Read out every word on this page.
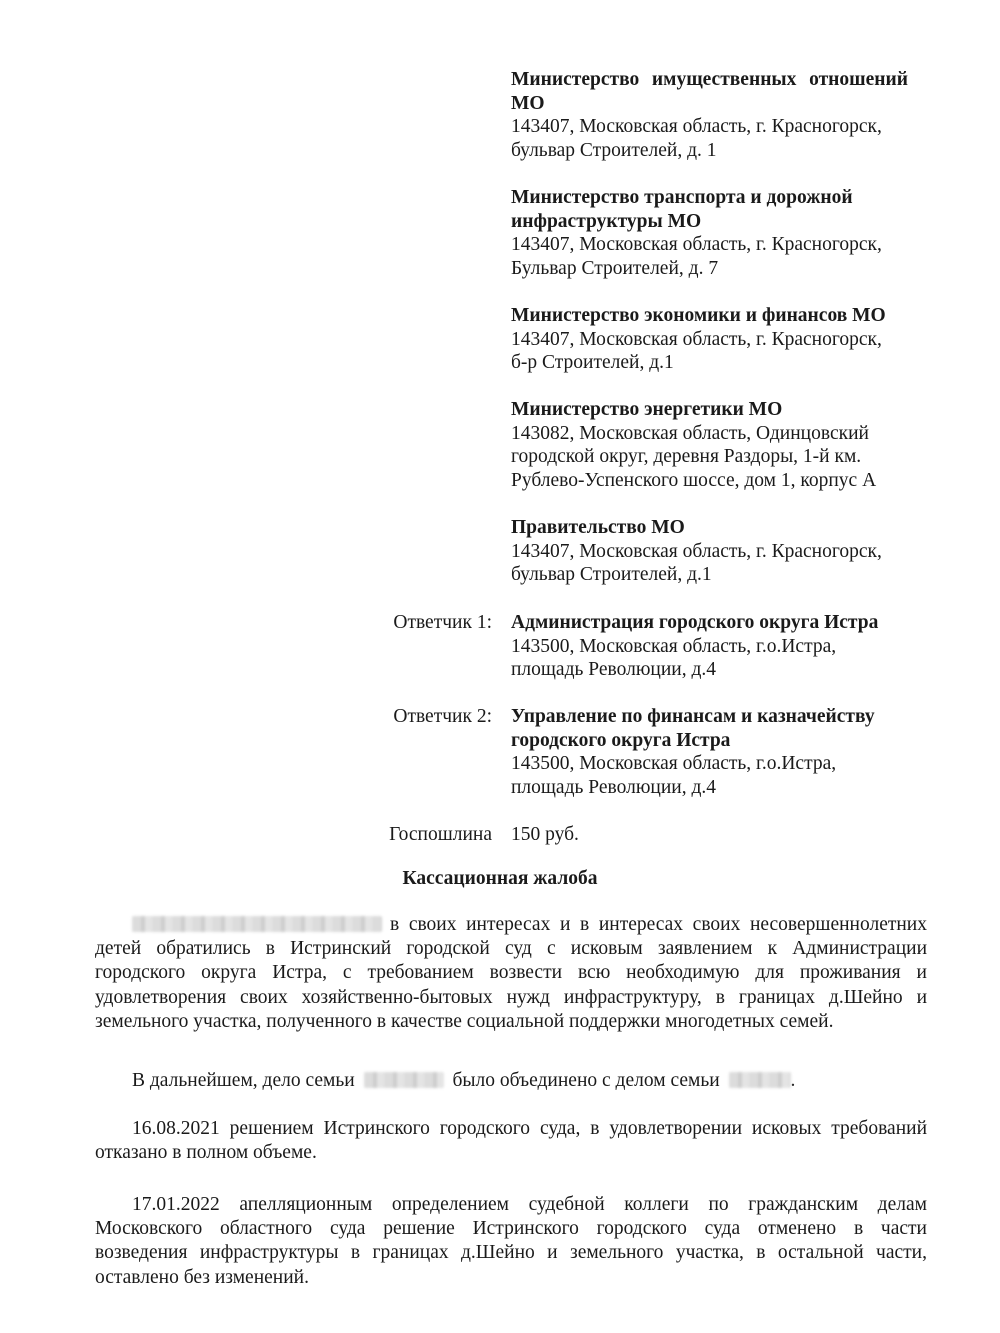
Министерство имущественных отношений МО
143407, Московская область, г. Красногорск,
бульвар Строителей, д. 1
Министерство транспорта и дорожной
инфраструктуры МО
143407, Московская область, г. Красногорск,
Бульвар Строителей, д. 7
Министерство экономики и финансов МО
143407, Московская область, г. Красногорск,
б-р Строителей, д.1
Министерство энергетики МО
143082, Московская область, Одинцовский
городской округ, деревня Раздоры, 1-й км.
Рублево-Успенского шоссе, дом 1, корпус А
Правительство МО
143407, Московская область, г. Красногорск,
бульвар Строителей, д.1
Ответчик 1: Администрация городского округа Истра
143500, Московская область, г.о.Истра,
площадь Революции, д.4
Ответчик 2: Управление по финансам и казначейству
городского округа Истра
143500, Московская область, г.о.Истра,
площадь Революции, д.4
Госпошлина 150 руб.
Кассационная жалоба
в своих интересах и в интересах своих несовершеннолетних
детей обратились в Истринский городской суд с исковым заявлением к Администрации
городского округа Истра, с требованием возвести всю необходимую для проживания и
удовлетворения своих хозяйственно-бытовых нужд инфраструктуру, в границах д.Шейно и
земельного участка, полученного в качестве социальной поддержки многодетных семей.
В дальнейшем, дело семьи	было объединено с делом семьи	.
16.08.2021 решением Истринского городского суда, в удовлетворении исковых требований
отказано в полном объеме.
17.01.2022 апелляционным определением судебной коллеги по гражданским делам
Московского областного суда решение Истринского городского суда отменено в части
возведения инфраструктуры в границах д.Шейно и земельного участка, в остальной части,
оставлено без изменений.
